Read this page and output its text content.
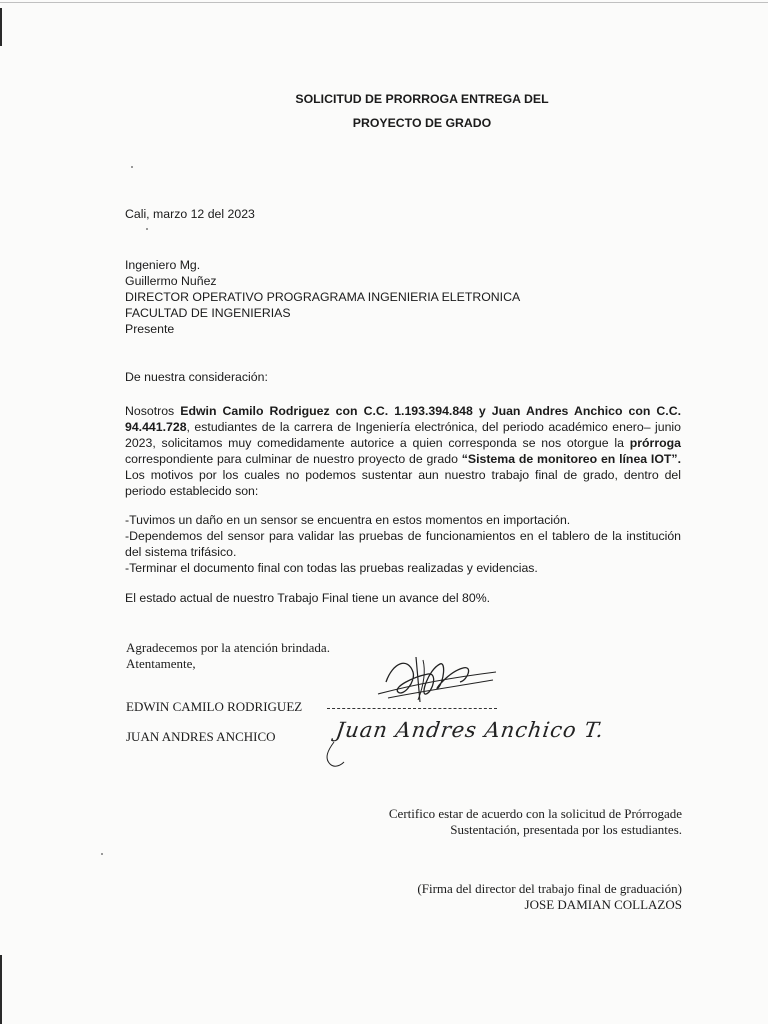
SOLICITUD DE PRORROGA ENTREGA DEL
PROYECTO DE GRADO
Cali, marzo 12 del 2023
Ingeniero Mg.
Guillermo Nuñez
DIRECTOR OPERATIVO PROGRAGRAMA INGENIERIA ELETRONICA
FACULTAD DE INGENIERIAS
Presente
De nuestra consideración:
Nosotros Edwin Camilo Rodriguez con C.C. 1.193.394.848 y Juan Andres Anchico con C.C.
94.441.728, estudiantes de la carrera de Ingeniería electrónica, del periodo académico enero– junio
2023, solicitamos muy comedidamente autorice a quien corresponda se nos otorgue la prórroga
correspondiente para culminar de nuestro proyecto de grado “Sistema de monitoreo en línea IOT”.
Los motivos por los cuales no podemos sustentar aun nuestro trabajo final de grado, dentro del
periodo establecido son:
-Tuvimos un daño en un sensor se encuentra en estos momentos en importación.
-Dependemos del sensor para validar las pruebas de funcionamientos en el tablero de la institución
del sistema trifásico.
-Terminar el documento final con todas las pruebas realizadas y evidencias.
El estado actual de nuestro Trabajo Final tiene un avance del 80%.
Agradecemos por la atención brindada.
Atentamente,
EDWIN CAMILO RODRIGUEZ
JUAN ANDRES ANCHICO	Juan Andres Anchico T.
Certifico estar de acuerdo con la solicitud de Prórrogade
Sustentación, presentada por los estudiantes.
(Firma del director del trabajo final de graduación)
JOSE DAMIAN COLLAZOS
